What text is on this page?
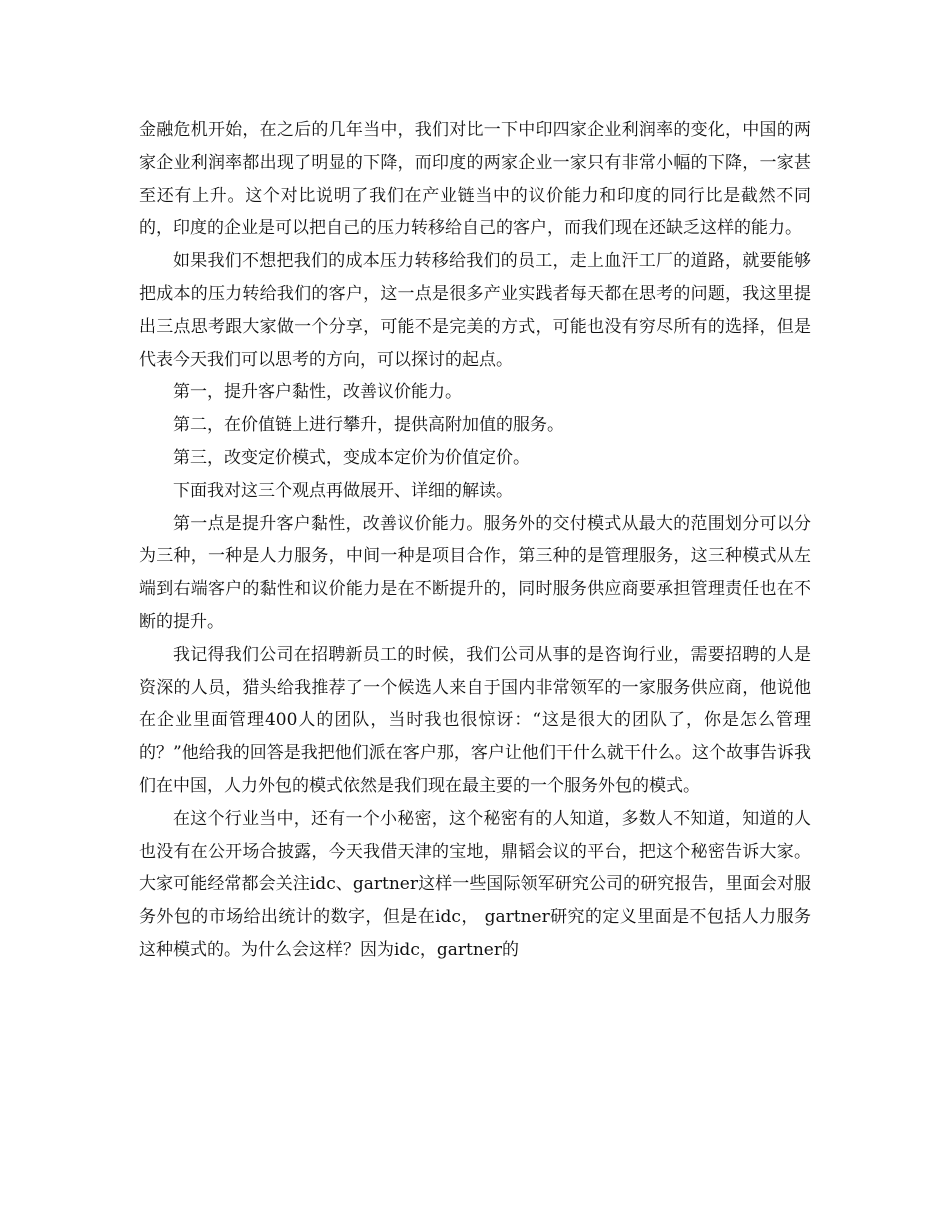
金融危机开始，在之后的几年当中，我们对比一下中印四家企业利润率的变化，中国的两家企业利润率都出现了明显的下降，而印度的两家企业一家只有非常小幅的下降，一家甚至还有上升。这个对比说明了我们在产业链当中的议价能力和印度的同行比是截然不同的，印度的企业是可以把自己的压力转移给自己的客户，而我们现在还缺乏这样的能力。

如果我们不想把我们的成本压力转移给我们的员工，走上血汗工厂的道路，就要能够把成本的压力转给我们的客户，这一点是很多产业实践者每天都在思考的问题，我这里提出三点思考跟大家做一个分享，可能不是完美的方式，可能也没有穷尽所有的选择，但是代表今天我们可以思考的方向，可以探讨的起点。

第一，提升客户黏性，改善议价能力。

第二，在价值链上进行攀升，提供高附加值的服务。

第三，改变定价模式，变成本定价为价值定价。

下面我对这三个观点再做展开、详细的解读。

第一点是提升客户黏性，改善议价能力。服务外的交付模式从最大的范围划分可以分为三种，一种是人力服务，中间一种是项目合作，第三种的是管理服务，这三种模式从左端到右端客户的黏性和议价能力是在不断提升的，同时服务供应商要承担管理责任也在不断的提升。

我记得我们公司在招聘新员工的时候，我们公司从事的是咨询行业，需要招聘的人是资深的人员，猎头给我推荐了一个候选人来自于国内非常领军的一家服务供应商，他说他在企业里面管理400人的团队，当时我也很惊讶：“这是很大的团队了，你是怎么管理的？”他给我的回答是我把他们派在客户那，客户让他们干什么就干什么。这个故事告诉我们在中国，人力外包的模式依然是我们现在最主要的一个服务外包的模式。

在这个行业当中，还有一个小秘密，这个秘密有的人知道，多数人不知道，知道的人也没有在公开场合披露，今天我借天津的宝地，鼎韬会议的平台，把这个秘密告诉大家。大家可能经常都会关注idc、gartner这样一些国际领军研究公司的研究报告，里面会对服务外包的市场给出统计的数字，但是在idc， gartner研究的定义里面是不包括人力服务这种模式的。为什么会这样？因为idc，gartner的
